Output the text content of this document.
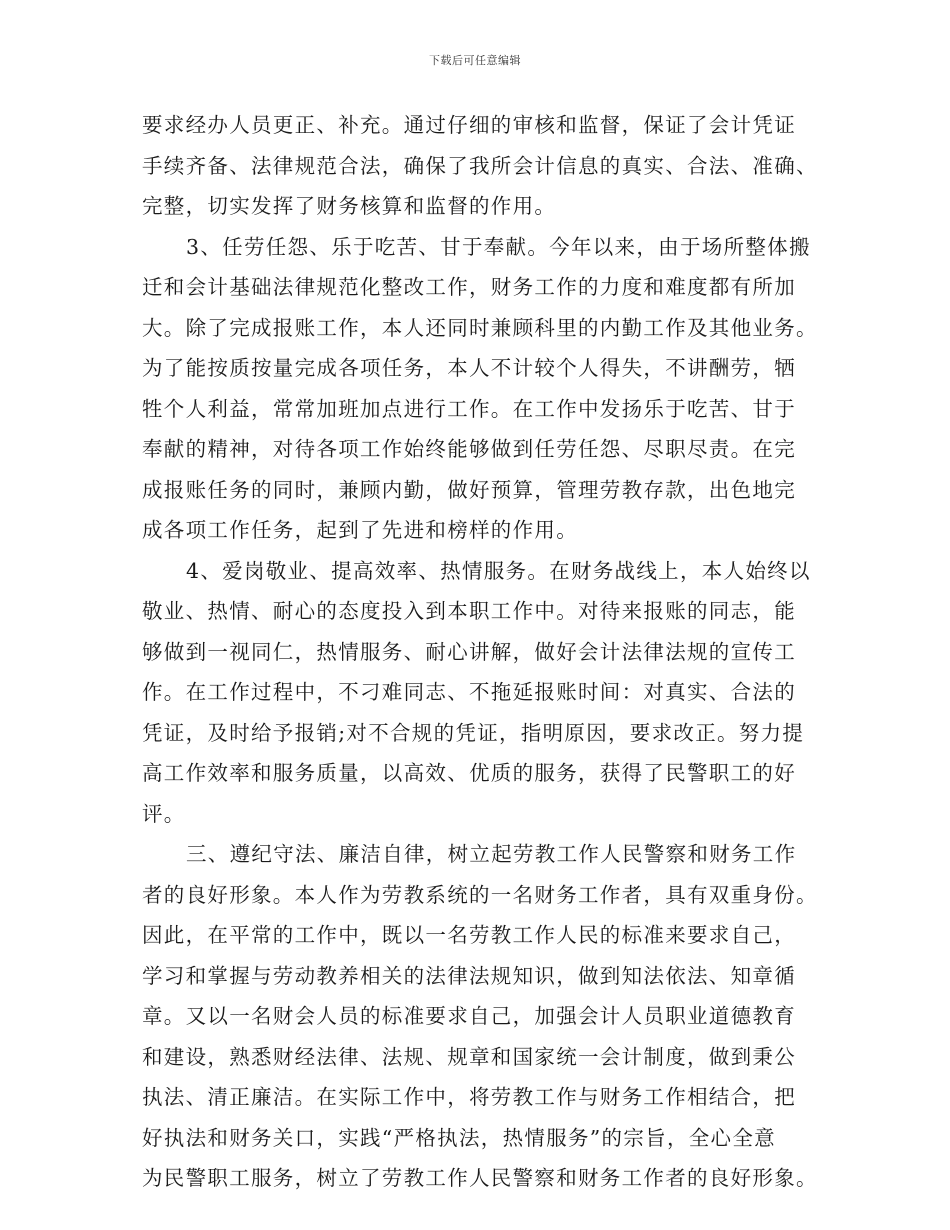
下载后可任意编辑
要求经办人员更正、补充。通过仔细的审核和监督，保证了会计凭证
手续齐备、法律规范合法，确保了我所会计信息的真实、合法、准确、
完整，切实发挥了财务核算和监督的作用。
3、任劳任怨、乐于吃苦、甘于奉献。今年以来，由于场所整体搬
迁和会计基础法律规范化整改工作，财务工作的力度和难度都有所加
大。除了完成报账工作，本人还同时兼顾科里的内勤工作及其他业务。
为了能按质按量完成各项任务，本人不计较个人得失，不讲酬劳，牺
牲个人利益，常常加班加点进行工作。在工作中发扬乐于吃苦、甘于
奉献的精神，对待各项工作始终能够做到任劳任怨、尽职尽责。在完
成报账任务的同时，兼顾内勤，做好预算，管理劳教存款，出色地完
成各项工作任务，起到了先进和榜样的作用。
4、爱岗敬业、提高效率、热情服务。在财务战线上，本人始终以
敬业、热情、耐心的态度投入到本职工作中。对待来报账的同志，能
够做到一视同仁，热情服务、耐心讲解，做好会计法律法规的宣传工
作。在工作过程中，不刁难同志、不拖延报账时间：对真实、合法的
凭证，及时给予报销;对不合规的凭证，指明原因，要求改正。努力提
高工作效率和服务质量，以高效、优质的服务，获得了民警职工的好
评。
三、遵纪守法、廉洁自律，树立起劳教工作人民警察和财务工作
者的良好形象。本人作为劳教系统的一名财务工作者，具有双重身份。
因此，在平常的工作中，既以一名劳教工作人民的标准来要求自己，
学习和掌握与劳动教养相关的法律法规知识，做到知法依法、知章循
章。又以一名财会人员的标准要求自己，加强会计人员职业道德教育
和建设，熟悉财经法律、法规、规章和国家统一会计制度，做到秉公
执法、清正廉洁。在实际工作中，将劳教工作与财务工作相结合，把
好执法和财务关口，实践“严格执法，热情服务”的宗旨，全心全意
为民警职工服务，树立了劳教工作人民警察和财务工作者的良好形象。
